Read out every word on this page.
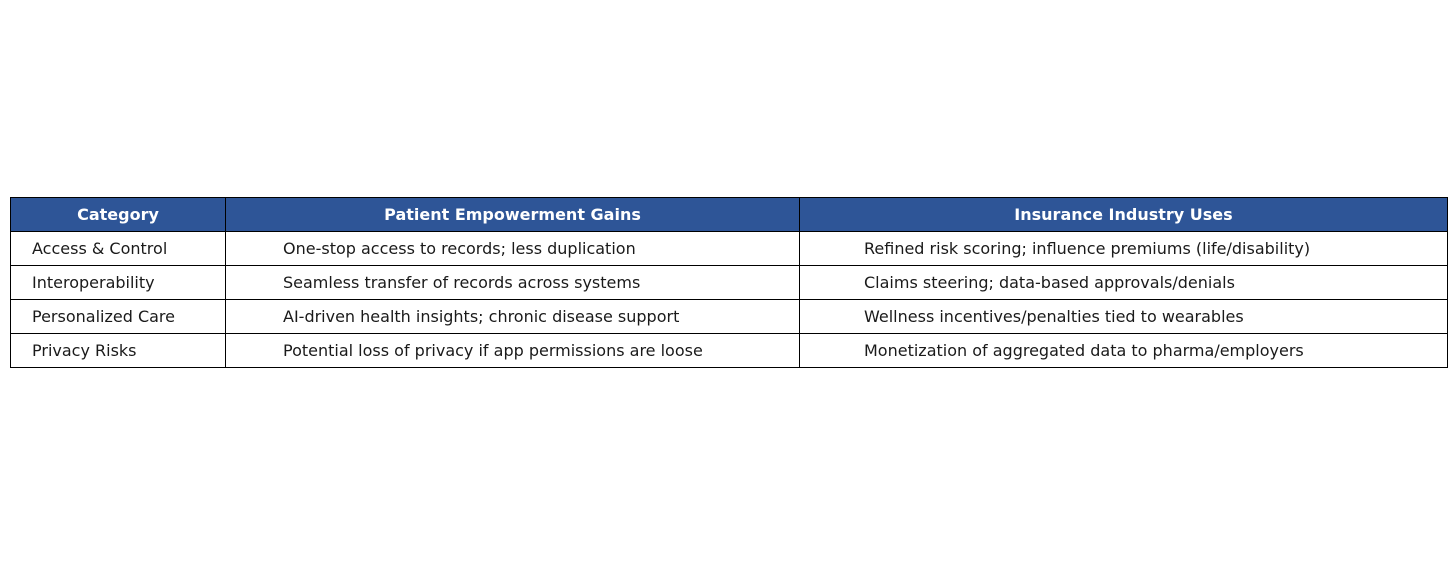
Category	Patient Empowerment Gains	Insurance Industry Uses
Access & Control	One-stop access to records; less duplication	Refined risk scoring; influence premiums (life/disability)
Interoperability	Seamless transfer of records across systems	Claims steering; data-based approvals/denials
Personalized Care	AI-driven health insights; chronic disease support	Wellness incentives/penalties tied to wearables
Privacy Risks	Potential loss of privacy if app permissions are loose	Monetization of aggregated data to pharma/employers
